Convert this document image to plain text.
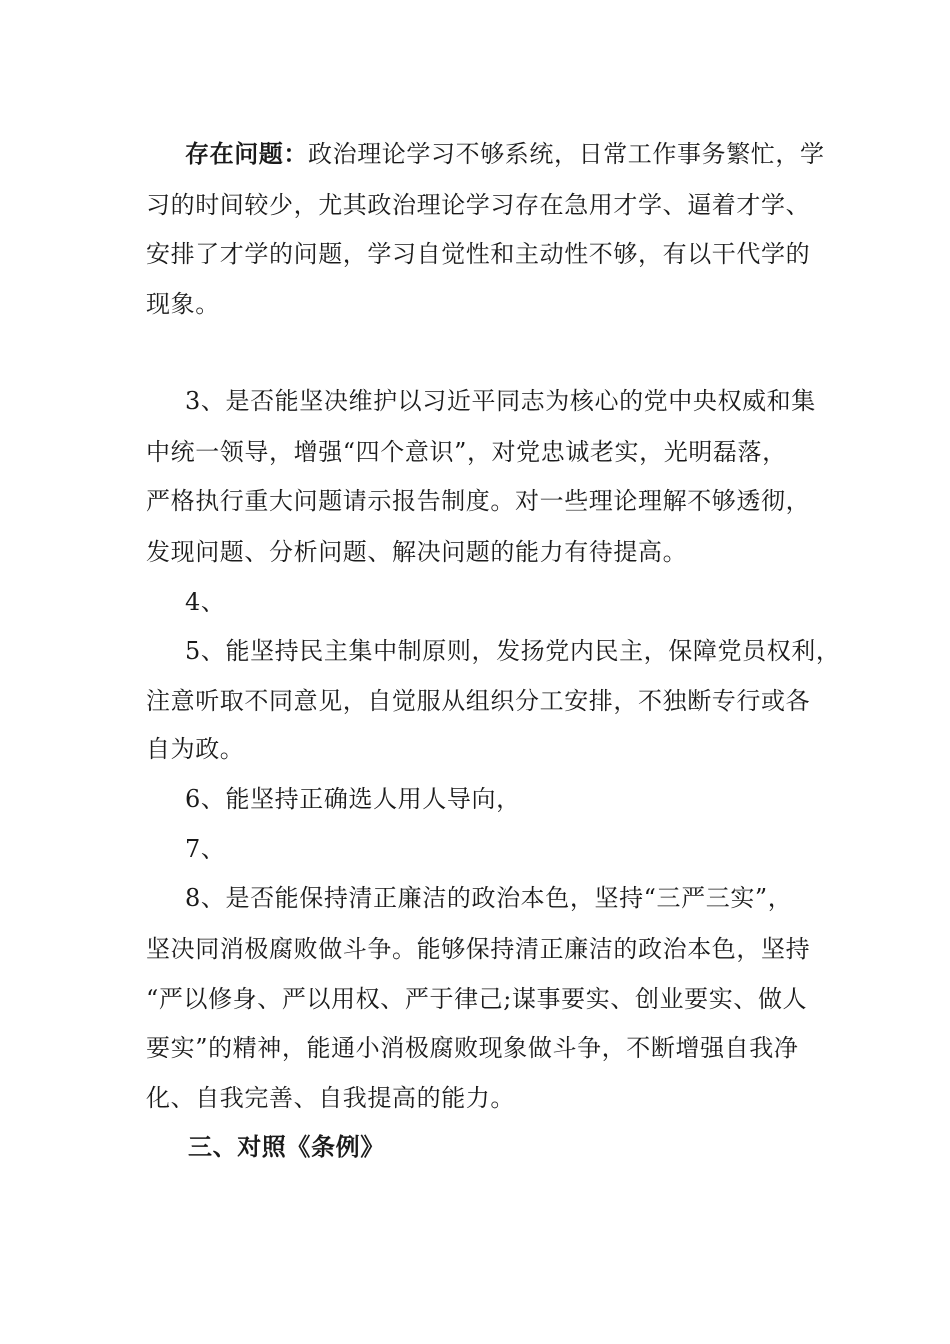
存在问题：政治理论学习不够系统，日常工作事务繁忙，学
习的时间较少，尤其政治理论学习存在急用才学、逼着才学、
安排了才学的问题，学习自觉性和主动性不够，有以干代学的
现象。
3、是否能坚决维护以习近平同志为核心的党中央权威和集
中统一领导，增强“四个意识”，对党忠诚老实，光明磊落，
严格执行重大问题请示报告制度。对一些理论理解不够透彻，
发现问题、分析问题、解决问题的能力有待提高。
4、
5、能坚持民主集中制原则，发扬党内民主，保障党员权利，
注意听取不同意见，自觉服从组织分工安排，不独断专行或各
自为政。
6、能坚持正确选人用人导向，
7、
8、是否能保持清正廉洁的政治本色，坚持“三严三实”，
坚决同消极腐败做斗争。能够保持清正廉洁的政治本色，坚持
“严以修身、严以用权、严于律己;谋事要实、创业要实、做人
要实”的精神，能通小消极腐败现象做斗争，不断增强自我净
化、自我完善、自我提高的能力。
三、对照《条例》
